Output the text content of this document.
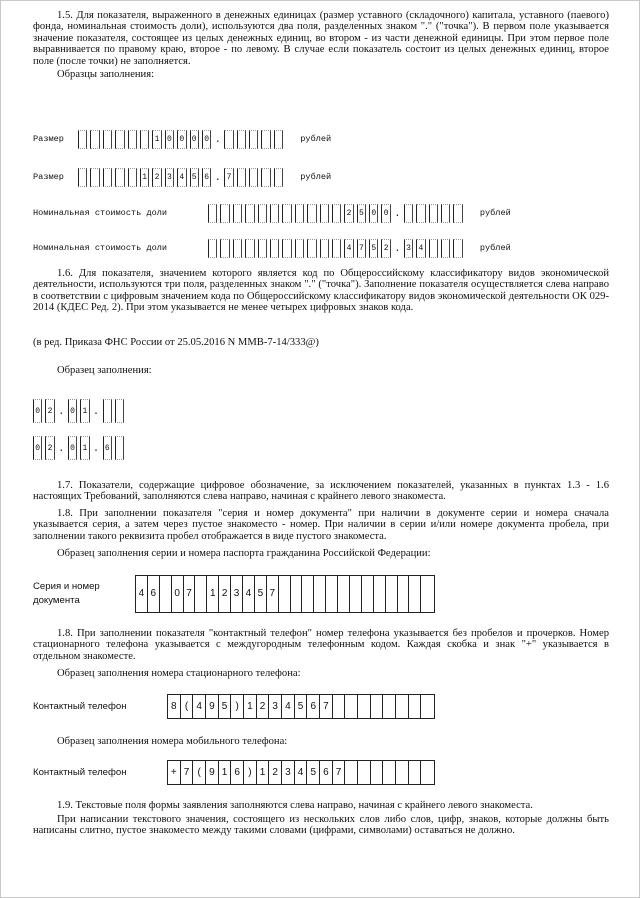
1.5. Для показателя, выраженного в денежных единицах (размер уставного (складочного) капитала, уставного (паевого) фонда, номинальная стоимость доли), используются два поля, разделенных знаком "." ("точка"). В первом поле указывается значение показателя, состоящее из целых денежных единиц, во втором - из части денежной единицы. При этом первое поле выравнивается по правому краю, второе - по левому. В случае если показатель состоит из целых денежных единиц, второе поле (после точки) не заполняется.

Образцы заполнения:

Размер	1 0 0 0 0 .	рублей
Размер	1 2 3 4 5 6 . 7	рублей
Номинальная стоимость доли	2 5 0 0 .	рублей
Номинальная стоимость доли	4 7 5 2 . 3 4	рублей

1.6. Для показателя, значением которого является код по Общероссийскому классификатору видов экономической деятельности, используются три поля, разделенных знаком "." ("точка"). Заполнение показателя осуществляется слева направо в соответствии с цифровым значением кода по Общероссийскому классификатору видов экономической деятельности ОК 029-2014 (КДЕС Ред. 2). При этом указывается не менее четырех цифровых знаков кода.

(в ред. Приказа ФНС России от 25.05.2016 N ММВ-7-14/333@)

Образец заполнения:

0 2 . 0 1 .
0 2 . 0 1 . 6

1.7. Показатели, содержащие цифровое обозначение, за исключением показателей, указанных в пунктах 1.3 - 1.6 настоящих Требований, заполняются слева направо, начиная с крайнего левого знакоместа.

1.8. При заполнении показателя "серия и номер документа" при наличии в документе серии и номера сначала указывается серия, а затем через пустое знакоместо - номер. При наличии в серии и/или номере документа пробела, при заполнении такого реквизита пробел отображается в виде пустого знакоместа.

Образец заполнения серии и номера паспорта гражданина Российской Федерации:

Серия и номер
документа
4 6	0 7	1 2 3 4 5 7

1.8. При заполнении показателя "контактный телефон" номер телефона указывается без пробелов и прочерков. Номер стационарного телефона указывается с междугородным телефонным кодом. Каждая скобка и знак "+" указывается в отдельном знакоместе.

Образец заполнения номера стационарного телефона:

Контактный телефон	8 ( 4 9 5 ) 1 2 3 4 5 6 7

Образец заполнения номера мобильного телефона:

Контактный телефон	+ 7 ( 9 1 6 ) 1 2 3 4 5 6 7

1.9. Текстовые поля формы заявления заполняются слева направо, начиная с крайнего левого знакоместа.

При написании текстового значения, состоящего из нескольких слов либо слов, цифр, знаков, которые должны быть написаны слитно, пустое знакоместо между такими словами (цифрами, символами) оставаться не должно.
